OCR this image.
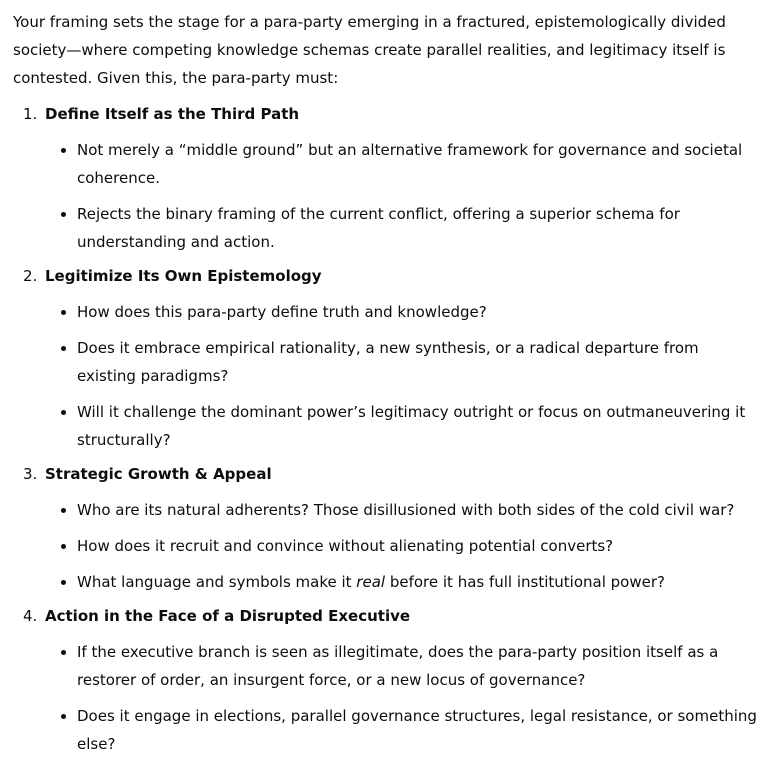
Your framing sets the stage for a para-party emerging in a fractured, epistemologically divided society—where competing knowledge schemas create parallel realities, and legitimacy itself is contested. Given this, the para-party must:

1. Define Itself as the Third Path
Not merely a “middle ground” but an alternative framework for governance and societal coherence.
Rejects the binary framing of the current conflict, offering a superior schema for understanding and action.
2. Legitimize Its Own Epistemology
How does this para-party define truth and knowledge?
Does it embrace empirical rationality, a new synthesis, or a radical departure from existing paradigms?
Will it challenge the dominant power’s legitimacy outright or focus on outmaneuvering it structurally?
3. Strategic Growth & Appeal
Who are its natural adherents? Those disillusioned with both sides of the cold civil war?
How does it recruit and convince without alienating potential converts?
What language and symbols make it real before it has full institutional power?
4. Action in the Face of a Disrupted Executive
If the executive branch is seen as illegitimate, does the para-party position itself as a restorer of order, an insurgent force, or a new locus of governance?
Does it engage in elections, parallel governance structures, legal resistance, or something else?
